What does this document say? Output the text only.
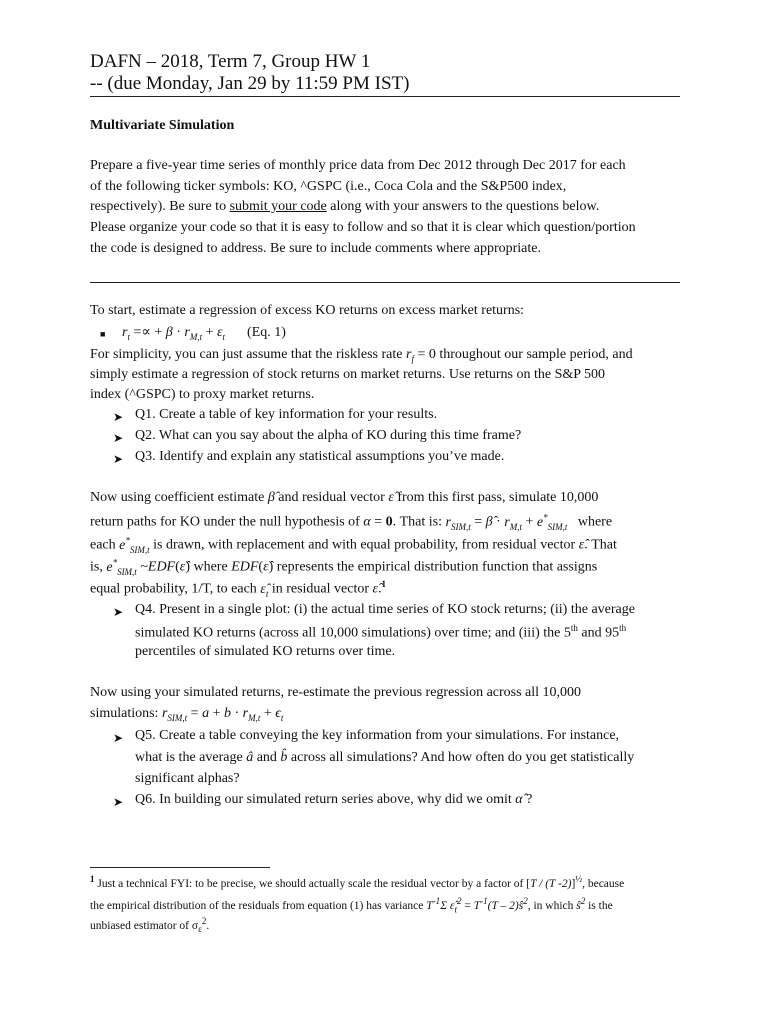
DAFN – 2018, Term 7, Group HW 1
-- (due Monday, Jan 29 by 11:59 PM IST)
Multivariate Simulation
Prepare a five-year time series of monthly price data from Dec 2012 through Dec 2017 for each
of the following ticker symbols: KO, ^GSPC (i.e., Coca Cola and the S&P500 index,
respectively). Be sure to submit your code along with your answers to the questions below.
Please organize your code so that it is easy to follow and so that it is clear which question/portion
the code is designed to address. Be sure to include comments where appropriate.
To start, estimate a regression of excess KO returns on excess market returns:
■ $r_t$ =∝ + $\beta \cdot r_{M,t} + \varepsilon_t$ (Eq. 1)
For simplicity, you can just assume that the riskless rate $r_f = 0$ throughout our sample period, and
simply estimate a regression of stock returns on market returns. Use returns on the S&P 500
index (^GSPC) to proxy market returns.
➤ Q1. Create a table of key information for your results.
➤ Q2. What can you say about the alpha of KO during this time frame?
➤ Q3. Identify and explain any statistical assumptions you’ve made.
Now using coefficient estimate β̂ and residual vector ε̂ from this first pass, simulate 10,000
return paths for KO under the null hypothesis of α = 0. That is: $r_{SIM,t}$ = β̂ · $r_{M,t} + e^*_{SIM,t}$ where
each $e^*_{SIM,t}$ is drawn, with replacement and with equal probability, from residual vector ε̂. That
is, $e^*_{SIM,t}$ ~EDF(ε̂) where EDF(ε̂) represents the empirical distribution function that assigns
equal probability, 1/T, to each $\varepsilon̂_t$ in residual vector ε̂.$^1$
➤ Q4. Present in a single plot: (i) the actual time series of KO stock returns; (ii) the average
simulated KO returns (across all 10,000 simulations) over time; and (iii) the 5th and 95th
percentiles of simulated KO returns over time.
Now using your simulated returns, re-estimate the previous regression across all 10,000
simulations: $r_{SIM,t} = a + b \cdot r_{M,t} + \epsilon_t$
➤ Q5. Create a table conveying the key information from your simulations. For instance,
what is the average â and b̂ across all simulations? And how often do you get statistically
significant alphas?
➤ Q6. In building our simulated return series above, why did we omit α̂ ?
$^1$ Just a technical FYI: to be precise, we should actually scale the residual vector by a factor of [T / (T -2)]$^{\frac{1}{2}}$, because
the empirical distribution of the residuals from equation (1) has variance $T^{-1}\Sigma$ $\varepsilon̂_t^2 = T^{-1}(T$ – $2)ŝ^2$, in which $ŝ^2$ is the
unbiased estimator of $\sigma_\varepsilon^2$.
